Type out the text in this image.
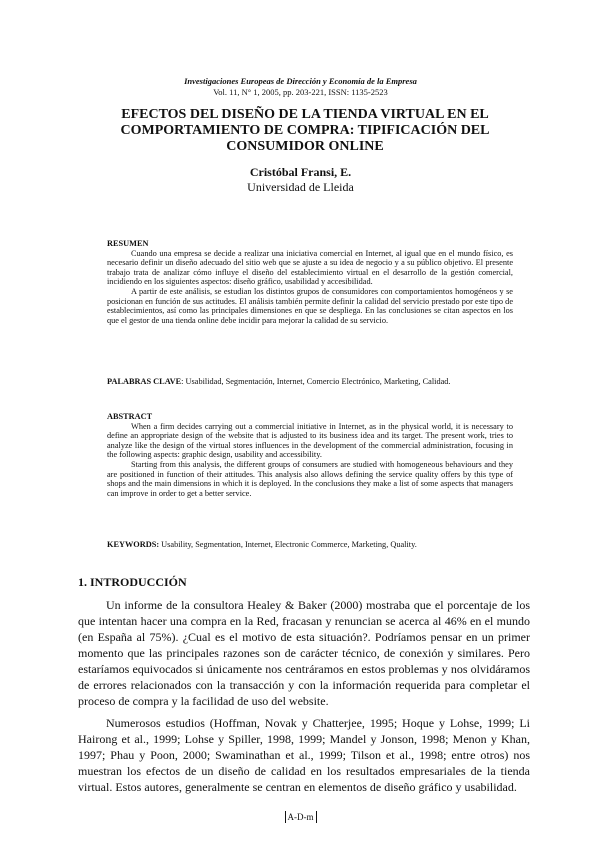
Investigaciones Europeas de Dirección y Economía de la Empresa
Vol. 11, N° 1, 2005, pp. 203-221, ISSN: 1135-2523
EFECTOS DEL DISEÑO DE LA TIENDA VIRTUAL EN EL
COMPORTAMIENTO DE COMPRA: TIPIFICACIÓN DEL
CONSUMIDOR ONLINE
Cristóbal Fransi, E.
Universidad de Lleida
RESUMEN

Cuando una empresa se decide a realizar una iniciativa comercial en Internet, al igual que en el mundo físico, es necesario definir un diseño adecuado del sitio web que se ajuste a su idea de negocio y a su público objetivo. El presente trabajo trata de analizar cómo influye el diseño del establecimiento virtual en el desarrollo de la gestión comercial, incidiendo en los siguientes aspectos: diseño gráfico, usabilidad y accesibilidad.

A partir de este análisis, se estudian los distintos grupos de consumidores con comportamientos homogéneos y se posicionan en función de sus actitudes. El análisis también permite definir la calidad del servicio prestado por este tipo de establecimientos, así como las principales dimensiones en que se despliega. En las conclusiones se citan aspectos en los que el gestor de una tienda online debe incidir para mejorar la calidad de su servicio.

PALABRAS CLAVE: Usabilidad, Segmentación, Internet, Comercio Electrónico, Marketing, Calidad.
ABSTRACT

When a firm decides carrying out a commercial initiative in Internet, as in the physical world, it is necessary to define an appropriate design of the website that is adjusted to its business idea and its target. The present work, tries to analyze like the design of the virtual stores influences in the development of the commercial administration, focusing in the following aspects: graphic design, usability and accessibility.

Starting from this analysis, the different groups of consumers are studied with homogeneous behaviours and they are positioned in function of their attitudes. This analysis also allows defining the service quality offers by this type of shops and the main dimensions in which it is deployed. In the conclusions they make a list of some aspects that managers can improve in order to get a better service.

KEYWORDS: Usability, Segmentation, Internet, Electronic Commerce, Marketing, Quality.
1. INTRODUCCIÓN

Un informe de la consultora Healey & Baker (2000) mostraba que el porcentaje de los que intentan hacer una compra en la Red, fracasan y renuncian se acerca al 46% en el mundo (en España al 75%). ¿Cual es el motivo de esta situación?. Podríamos pensar en un primer momento que las principales razones son de carácter técnico, de conexión y similares. Pero estaríamos equivocados si únicamente nos centráramos en estos problemas y nos olvidáramos de errores relacionados con la transacción y con la información requerida para completar el proceso de compra y la facilidad de uso del website.

Numerosos estudios (Hoffman, Novak y Chatterjee, 1995; Hoque y Lohse, 1999; Li Hairong et al., 1999; Lohse y Spiller, 1998, 1999; Mandel y Jonson, 1998; Menon y Khan, 1997; Phau y Poon, 2000; Swaminathan et al., 1999; Tilson et al., 1998; entre otros) nos muestran los efectos de un diseño de calidad en los resultados empresariales de la tienda virtual. Estos autores, generalmente se centran en elementos de diseño gráfico y usabilidad.

A-D-m
